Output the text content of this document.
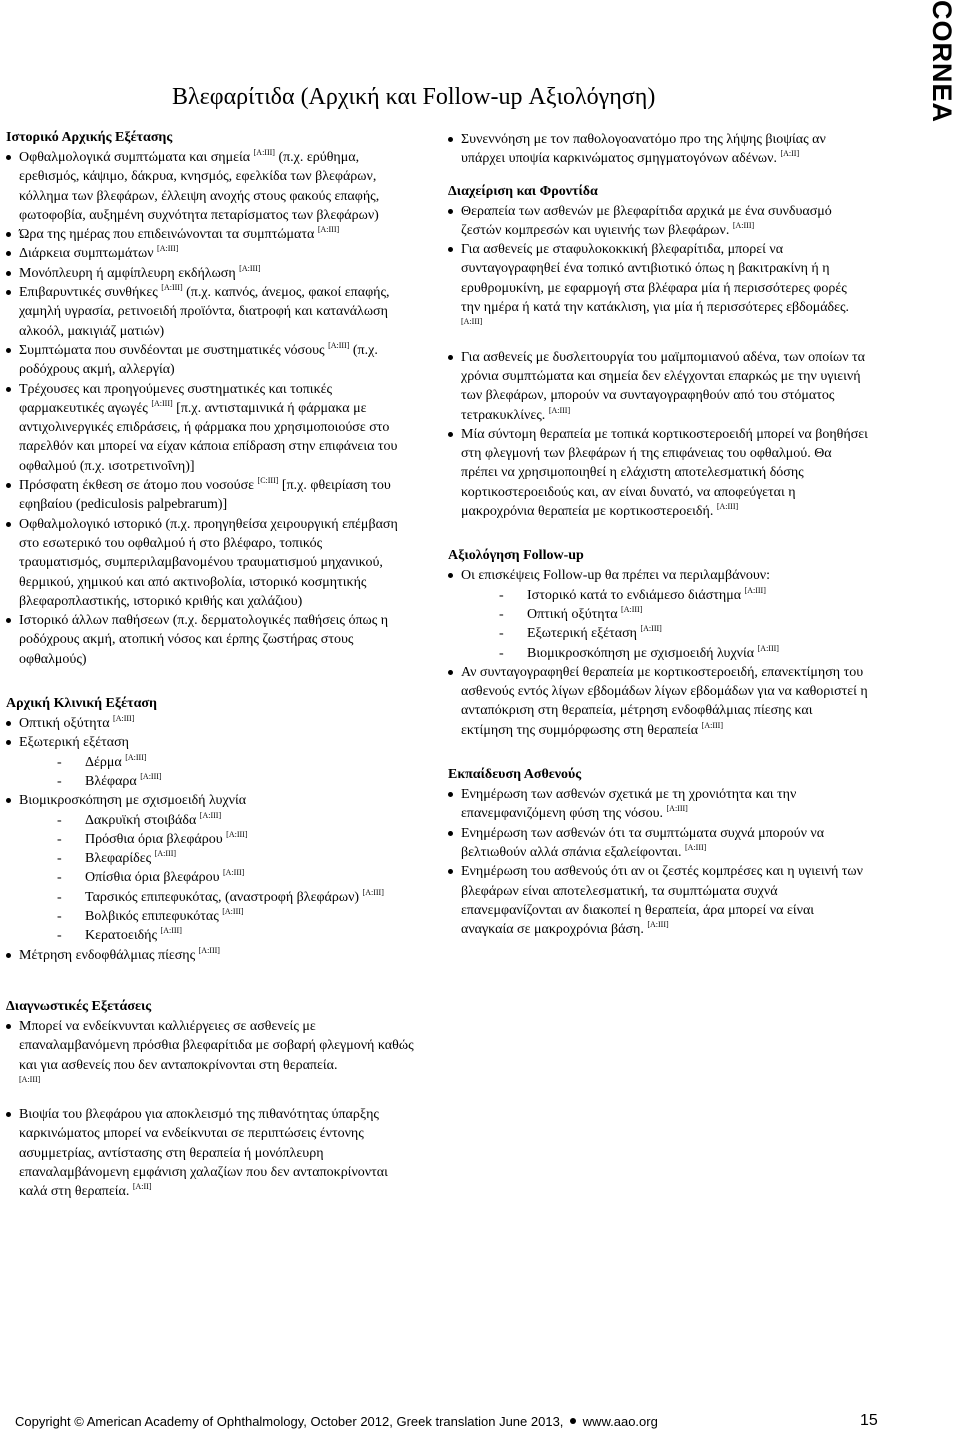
CORNEA
Βλεφαρίτιδα (Αρχική και Follow-up Αξιολόγηση)
Ιστορικό Αρχικής Εξέτασης
Οφθαλμολογικά συμπτώματα και σημεία [A:III] (π.χ. ερύθημα, ερεθισμός, κάψιμο, δάκρυα, κνησμός, εφελκίδα των βλεφάρων, κόλλημα των βλεφάρων, έλλειψη ανοχής στους φακούς επαφής, φωτοφοβία, αυξημένη συχνότητα πεταρίσματος των βλεφάρων)
Ώρα της ημέρας που επιδεινώνονται τα συμπτώματα [A:III]
Διάρκεια συμπτωμάτων [A:III]
Μονόπλευρη ή αμφίπλευρη εκδήλωση [A:III]
Επιβαρυντικές συνθήκες [A:III] (π.χ. καπνός, άνεμος, φακοί επαφής, χαμηλή υγρασία, ρετινοειδή προϊόντα, διατροφή και κατανάλωση αλκοόλ, μακιγιάζ ματιών)
Συμπτώματα που συνδέονται με συστηματικές νόσους [A:III] (π.χ. ροδόχρους ακμή, αλλεργία)
Τρέχουσες και προηγούμενες συστηματικές και τοπικές φαρμακευτικές αγωγές [A:III] [π.χ. αντισταμινικά ή φάρμακα με αντιχολινεργικές επιδράσεις, ή φάρμακα που χρησιμοποιούσε στο παρελθόν και μπορεί να είχαν κάποια επίδραση στην επιφάνεια του οφθαλμού (π.χ. ισοτρετινοΐνη)]
Πρόσφατη έκθεση σε άτομο που νοσούσε [C:III] [π.χ. φθειρίαση του εφηβαίου (pediculosis palpebrarum)]
Οφθαλμολογικό ιστορικό (π.χ. προηγηθείσα χειρουργική επέμβαση στο εσωτερικό του οφθαλμού ή στο βλέφαρο, τοπικός τραυματισμός, συμπεριλαμβανομένου τραυματισμού μηχανικού, θερμικού, χημικού και από ακτινοβολία, ιστορικό κοσμητικής βλεφαροπλαστικής, ιστορικό κριθής και χαλάζιου)
Ιστορικό άλλων παθήσεων (π.χ. δερματολογικές παθήσεις όπως η ροδόχρους ακμή, ατοπική νόσος και έρπης ζωστήρας στους οφθαλμούς)
Αρχική Κλινική Εξέταση
Οπτική οξύτητα [A:III]
Εξωτερική εξέταση
- Δέρμα [A:III]
- Βλέφαρα [A:III]
Βιομικροσκόπηση με σχισμοειδή λυχνία
- Δακρυϊκή στοιβάδα [A:III]
- Πρόσθια όρια βλεφάρου [A:III]
- Βλεφαρίδες [A:III]
- Οπίσθια όρια βλεφάρου [A:III]
- Ταρσικός επιπεφυκότας, (αναστροφή βλεφάρων) [A:III]
- Βολβικός επιπεφυκότας [A:III]
- Κερατοειδής [A:III]
Μέτρηση ενδοφθάλμιας πίεσης [A:III]
Διαγνωστικές Εξετάσεις
Μπορεί να ενδείκνυνται καλλιέργειες σε ασθενείς με επαναλαμβανόμενη πρόσθια βλεφαρίτιδα με σοβαρή φλεγμονή καθώς και για ασθενείς που δεν ανταποκρίνονται στη θεραπεία.
[A:III]
Βιοψία του βλεφάρου για αποκλεισμό της πιθανότητας ύπαρξης καρκινώματος μπορεί να ενδείκνυται σε περιπτώσεις έντονης ασυμμετρίας, αντίστασης στη θεραπεία ή μονόπλευρη επαναλαμβάνομενη εμφάνιση χαλαζίων που δεν ανταποκρίνονται καλά στη θεραπεία. [A:II]
Συνεννόηση με τον παθολογοανατόμο προ της λήψης βιοψίας αν υπάρχει υποψία καρκινώματος σμηγματογόνων αδένων. [A:II]
Διαχείριση και Φροντίδα
Θεραπεία των ασθενών με βλεφαρίτιδα αρχικά με ένα συνδυασμό ζεστών κομπρεσών και υγιεινής των βλεφάρων. [A:III]
Για ασθενείς με σταφυλοκοκκική βλεφαρίτιδα, μπορεί να συνταγογραφηθεί ένα τοπικό αντιβιοτικό όπως η βακιτρακίνη ή η ερυθρομυκίνη, με εφαρμογή στα βλέφαρα μία ή περισσότερες φορές την ημέρα ή κατά την κατάκλιση, για μία ή περισσότερες εβδομάδες.
[A:III]
Για ασθενείς με δυσλειτουργία του μαϊμπομιανού αδένα, των οποίων τα χρόνια συμπτώματα και σημεία δεν ελέγχονται επαρκώς με την υγιεινή των βλεφάρων, μπορούν να συνταγογραφηθούν από του στόματος τετρακυκλίνες. [A:III]
Μία σύντομη θεραπεία με τοπικά κορτικοστεροειδή μπορεί να βοηθήσει στη φλεγμονή των βλεφάρων ή της επιφάνειας του οφθαλμού. Θα πρέπει να χρησιμοποιηθεί η ελάχιστη αποτελεσματική δόσης κορτικοστεροειδούς και, αν είναι δυνατό, να αποφεύγεται η μακροχρόνια θεραπεία με κορτικοστεροειδή. [A:III]
Αξιολόγηση Follow-up
Οι επισκέψεις Follow-up θα πρέπει να περιλαμβάνουν:
- Ιστορικό κατά το ενδιάμεσο διάστημα [A:III]
- Οπτική οξύτητα [A:III]
- Εξωτερική εξέταση [A:III]
- Βιομικροσκόπηση με σχισμοειδή λυχνία [A:III]
Αν συνταγογραφηθεί θεραπεία με κορτικοστεροειδή, επανεκτίμηση του ασθενούς εντός λίγων εβδομάδων λίγων εβδομάδων για να καθοριστεί η ανταπόκριση στη θεραπεία, μέτρηση ενδοφθάλμιας πίεσης και εκτίμηση της συμμόρφωσης στη θεραπεία [A:III]
Εκπαίδευση Ασθενούς
Ενημέρωση των ασθενών σχετικά με τη χρονιότητα και την επανεμφανιζόμενη φύση της νόσου. [A:III]
Ενημέρωση των ασθενών ότι τα συμπτώματα συχνά μπορούν να βελτιωθούν αλλά σπάνια εξαλείφονται. [A:III]
Ενημέρωση του ασθενούς ότι αν οι ζεστές κομπρέσες και η υγιεινή των βλεφάρων είναι αποτελεσματική, τα συμπτώματα συχνά επανεμφανίζονται αν διακοπεί η θεραπεία, άρα μπορεί να είναι αναγκαία σε μακροχρόνια βάση. [A:III]
Copyright © American Academy of Ophthalmology, October 2012, Greek translation June 2013, www.aao.org	15
